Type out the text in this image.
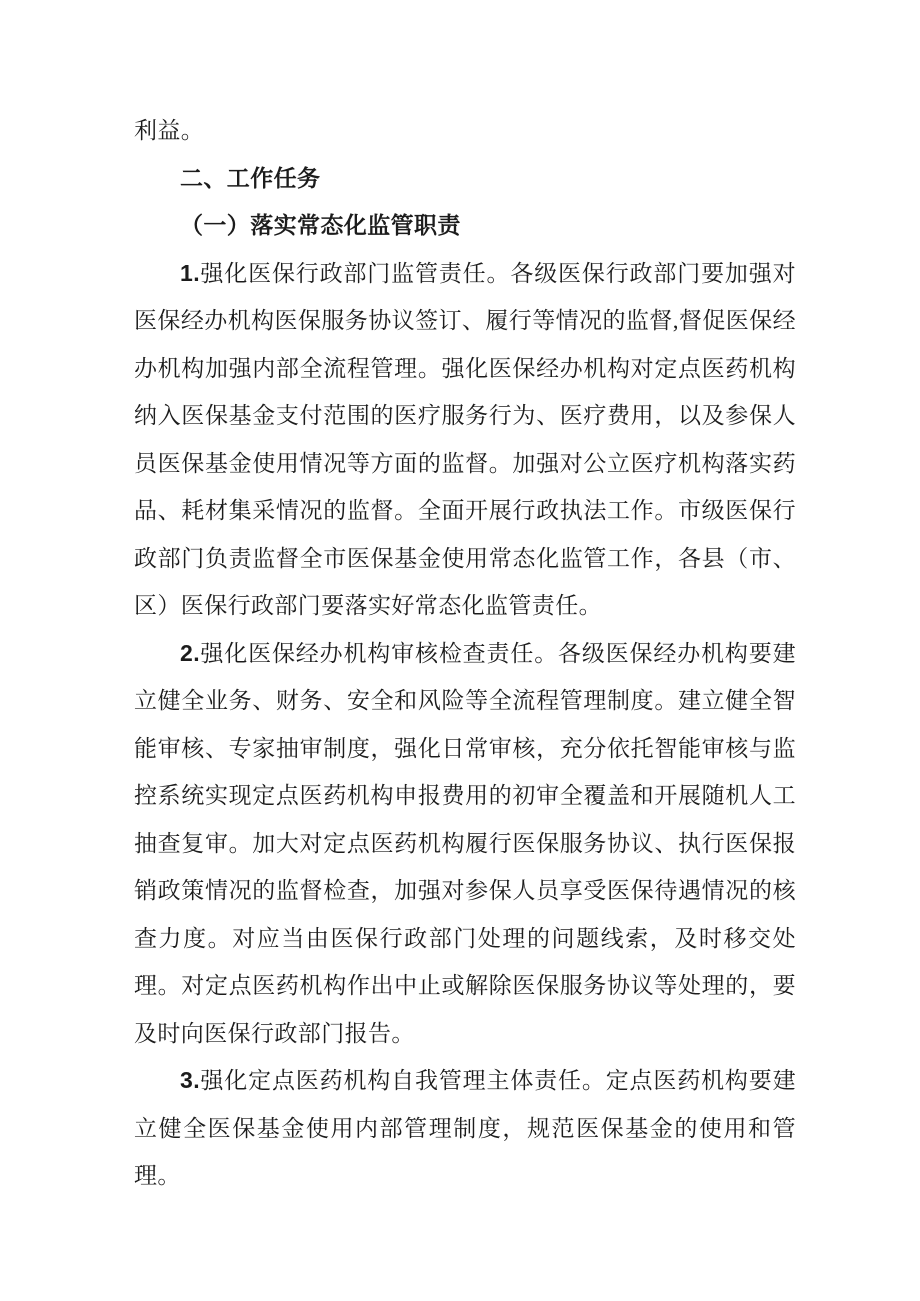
利益。

二、工作任务

（一）落实常态化监管职责

1.强化医保行政部门监管责任。各级医保行政部门要加强对医保经办机构医保服务协议签订、履行等情况的监督,督促医保经办机构加强内部全流程管理。强化医保经办机构对定点医药机构纳入医保基金支付范围的医疗服务行为、医疗费用，以及参保人员医保基金使用情况等方面的监督。加强对公立医疗机构落实药品、耗材集采情况的监督。全面开展行政执法工作。市级医保行政部门负责监督全市医保基金使用常态化监管工作，各县（市、区）医保行政部门要落实好常态化监管责任。

2.强化医保经办机构审核检查责任。各级医保经办机构要建立健全业务、财务、安全和风险等全流程管理制度。建立健全智能审核、专家抽审制度，强化日常审核，充分依托智能审核与监控系统实现定点医药机构申报费用的初审全覆盖和开展随机人工抽查复审。加大对定点医药机构履行医保服务协议、执行医保报销政策情况的监督检查，加强对参保人员享受医保待遇情况的核查力度。对应当由医保行政部门处理的问题线索，及时移交处理。对定点医药机构作出中止或解除医保服务协议等处理的，要及时向医保行政部门报告。

3.强化定点医药机构自我管理主体责任。定点医药机构要建立健全医保基金使用内部管理制度，规范医保基金的使用和管理。
